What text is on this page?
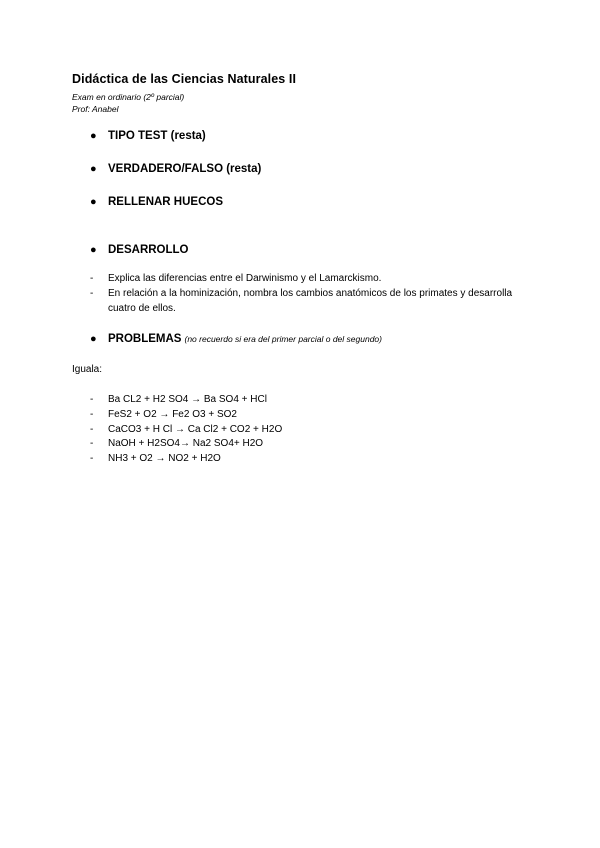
Didáctica de las Ciencias Naturales II
Exam en ordinario (2º parcial)
Prof: Anabel
● TIPO TEST (resta)
● VERDADERO/FALSO (resta)
● RELLENAR HUECOS
● DESARROLLO
-	Explica las diferencias entre el Darwinismo y el Lamarckismo.
-	En relación a la hominización, nombra los cambios anatómicos de los primates y desarrolla cuatro de ellos.
● PROBLEMAS (no recuerdo si era del primer parcial o del segundo)
Iguala:
-	Ba CL2 + H2 SO4 → Ba SO4 + HCl
-	FeS2 + O2 → Fe2 O3 + SO2
-	CaCO3 + H Cl → Ca Cl2 + CO2 + H2O
-	NaOH + H2SO4→ Na2 SO4+ H2O
-	NH3 + O2 → NO2 + H2O
